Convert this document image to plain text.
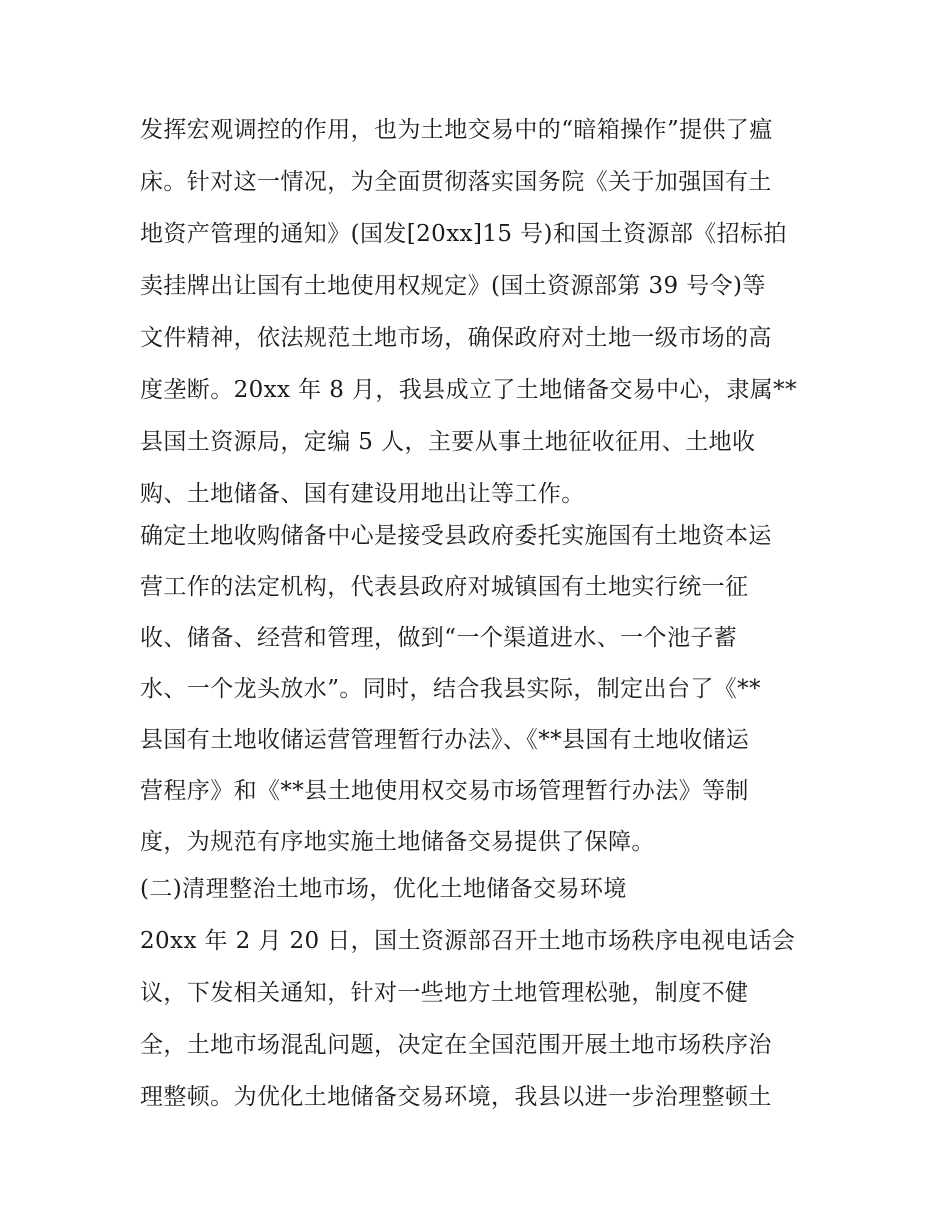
发挥宏观调控的作用，也为土地交易中的“暗箱操作”提供了瘟
床。针对这一情况，为全面贯彻落实国务院《关于加强国有土
地资产管理的通知》(国发[20xx]15 号)和国土资源部《招标拍
卖挂牌出让国有土地使用权规定》(国土资源部第 39 号令)等
文件精神，依法规范土地市场，确保政府对土地一级市场的高
度垄断。20xx 年 8 月，我县成立了土地储备交易中心，隶属**
县国土资源局，定编 5 人，主要从事土地征收征用、土地收
购、土地储备、国有建设用地出让等工作。
确定土地收购储备中心是接受县政府委托实施国有土地资本运
营工作的法定机构，代表县政府对城镇国有土地实行统一征
收、储备、经营和管理，做到“一个渠道进水、一个池子蓄
水、一个龙头放水”。同时，结合我县实际，制定出台了《**
县国有土地收储运营管理暂行办法》、《**县国有土地收储运
营程序》和《**县土地使用权交易市场管理暂行办法》等制
度，为规范有序地实施土地储备交易提供了保障。
(二)清理整治土地市场，优化土地储备交易环境
20xx 年 2 月 20 日，国土资源部召开土地市场秩序电视电话会
议，下发相关通知，针对一些地方土地管理松驰，制度不健
全，土地市场混乱问题，决定在全国范围开展土地市场秩序治
理整顿。为优化土地储备交易环境，我县以进一步治理整顿土
